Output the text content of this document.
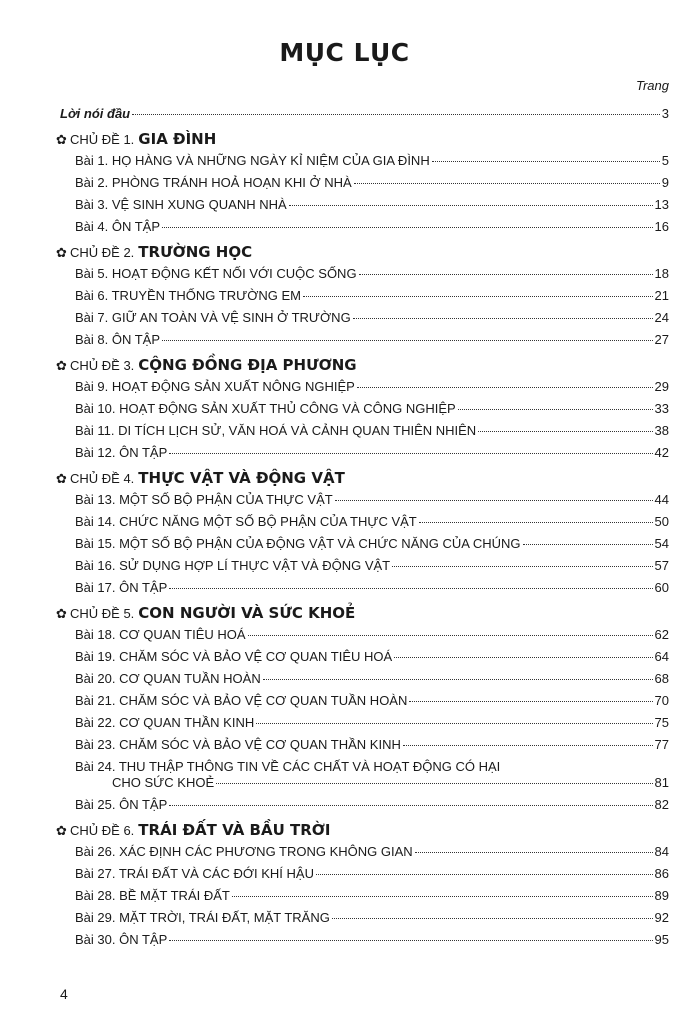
MỤC LỤC
Trang
Lời nói đầu	3
✿ CHỦ ĐỀ 1. GIA ĐÌNH
Bài 1. HỌ HÀNG VÀ NHỮNG NGÀY KỈ NIỆM CỦA GIA ĐÌNH	5
Bài 2. PHÒNG TRÁNH HOẢ HOẠN KHI Ở NHÀ	9
Bài 3. VỆ SINH XUNG QUANH NHÀ	13
Bài 4. ÔN TẬP	16
✿ CHỦ ĐỀ 2. TRƯỜNG HỌC
Bài 5. HOẠT ĐỘNG KẾT NỐI VỚI CUỘC SỐNG	18
Bài 6. TRUYỀN THỐNG TRƯỜNG EM	21
Bài 7. GIỮ AN TOÀN VÀ VỆ SINH Ở TRƯỜNG	24
Bài 8. ÔN TẬP	27
✿ CHỦ ĐỀ 3. CỘNG ĐỒNG ĐỊA PHƯƠNG
Bài 9. HOẠT ĐỘNG SẢN XUẤT NÔNG NGHIỆP	29
Bài 10. HOẠT ĐỘNG SẢN XUẤT THỦ CÔNG VÀ CÔNG NGHIỆP	33
Bài 11. DI TÍCH LỊCH SỬ, VĂN HOÁ VÀ CẢNH QUAN THIÊN NHIÊN	38
Bài 12. ÔN TẬP	42
✿ CHỦ ĐỀ 4. THỰC VẬT VÀ ĐỘNG VẬT
Bài 13. MỘT SỐ BỘ PHẬN CỦA THỰC VẬT	44
Bài 14. CHỨC NĂNG MỘT SỐ BỘ PHẬN CỦA THỰC VẬT	50
Bài 15. MỘT SỐ BỘ PHẬN CỦA ĐỘNG VẬT VÀ CHỨC NĂNG CỦA CHÚNG	54
Bài 16. SỬ DỤNG HỢP LÍ THỰC VẬT VÀ ĐỘNG VẬT	57
Bài 17. ÔN TẬP	60
✿ CHỦ ĐỀ 5. CON NGƯỜI VÀ SỨC KHOẺ
Bài 18. CƠ QUAN TIÊU HOÁ	62
Bài 19. CHĂM SÓC VÀ BẢO VỆ CƠ QUAN TIÊU HOÁ	64
Bài 20. CƠ QUAN TUẦN HOÀN	68
Bài 21. CHĂM SÓC VÀ BẢO VỆ CƠ QUAN TUẦN HOÀN	70
Bài 22. CƠ QUAN THẦN KINH	75
Bài 23. CHĂM SÓC VÀ BẢO VỆ CƠ QUAN THẦN KINH	77
Bài 24. THU THẬP THÔNG TIN VỀ CÁC CHẤT VÀ HOẠT ĐỘNG CÓ HẠI
CHO SỨC KHOẺ	81
Bài 25. ÔN TẬP	82
✿ CHỦ ĐỀ 6. TRÁI ĐẤT VÀ BẦU TRỜI
Bài 26. XÁC ĐỊNH CÁC PHƯƠNG TRONG KHÔNG GIAN	84
Bài 27. TRÁI ĐẤT VÀ CÁC ĐỚI KHÍ HẬU	86
Bài 28. BỀ MẶT TRÁI ĐẤT	89
Bài 29. MẶT TRỜI, TRÁI ĐẤT, MẶT TRĂNG	92
Bài 30. ÔN TẬP	95
4
